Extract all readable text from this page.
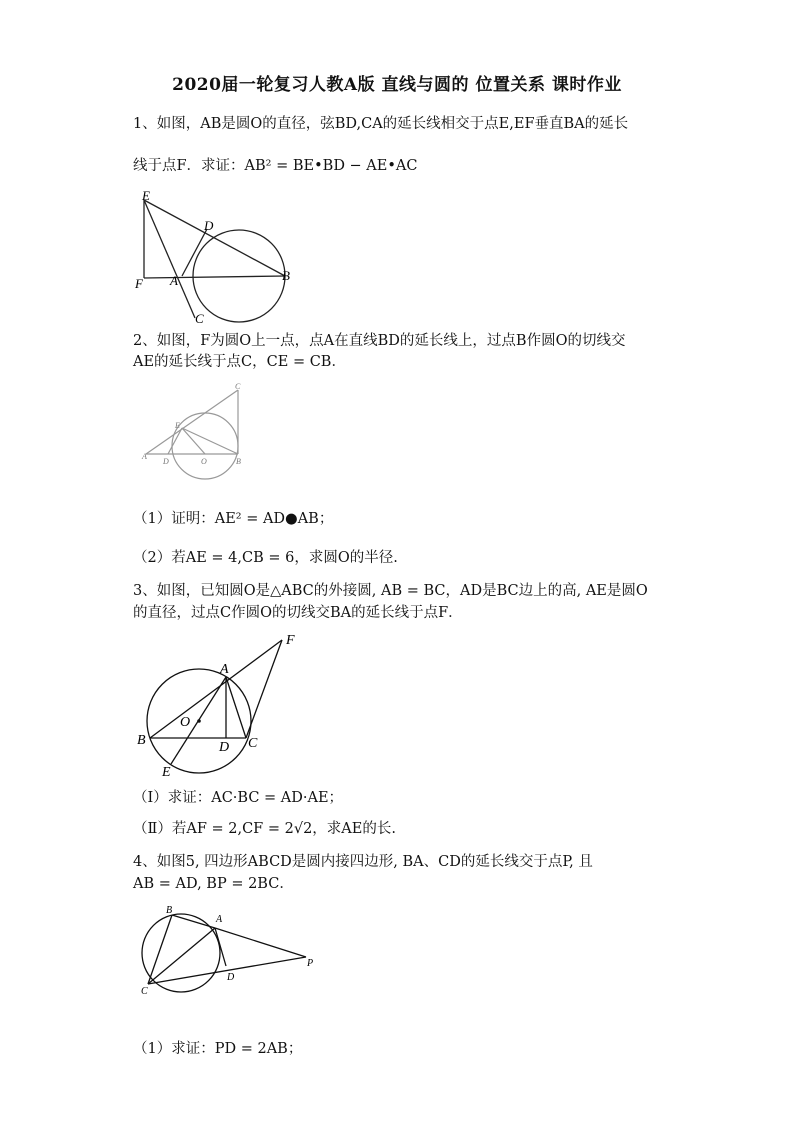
2020届一轮复习人教A版 直线与圆的 位置关系 课时作业
1、如图，AB是圆O的直径，弦BD,CA的延长线相交于点E,EF垂直BA的延长
线于点F．求证：AB² = BE•BD − AE•AC
E
D
F A	B
C
2、如图，F为圆O上一点，点A在直线BD的延长线上，过点B作圆O的切线交
AE的延长线于点C，CE = CB．
C
E
A
D	O	B
（1）证明：AE² = AD●AB；
（2）若AE = 4,CB = 6，求圆O的半径.
3、如图，已知圆O是△ABC的外接圆, AB = BC，AD是BC边上的高, AE是圆O
的直径，过点C作圆O的切线交BA的延长线于点F．
F
A
O
B	D C
E
（Ⅰ）求证：AC·BC = AD·AE；
（Ⅱ）若AF = 2,CF = 2√2，求AE的长.
4、如图5, 四边形ABCD是圆内接四边形, BA、CD的延长线交于点P, 且
AB = AD, BP = 2BC．
B
A
P
C
D
（1）求证：PD = 2AB；
